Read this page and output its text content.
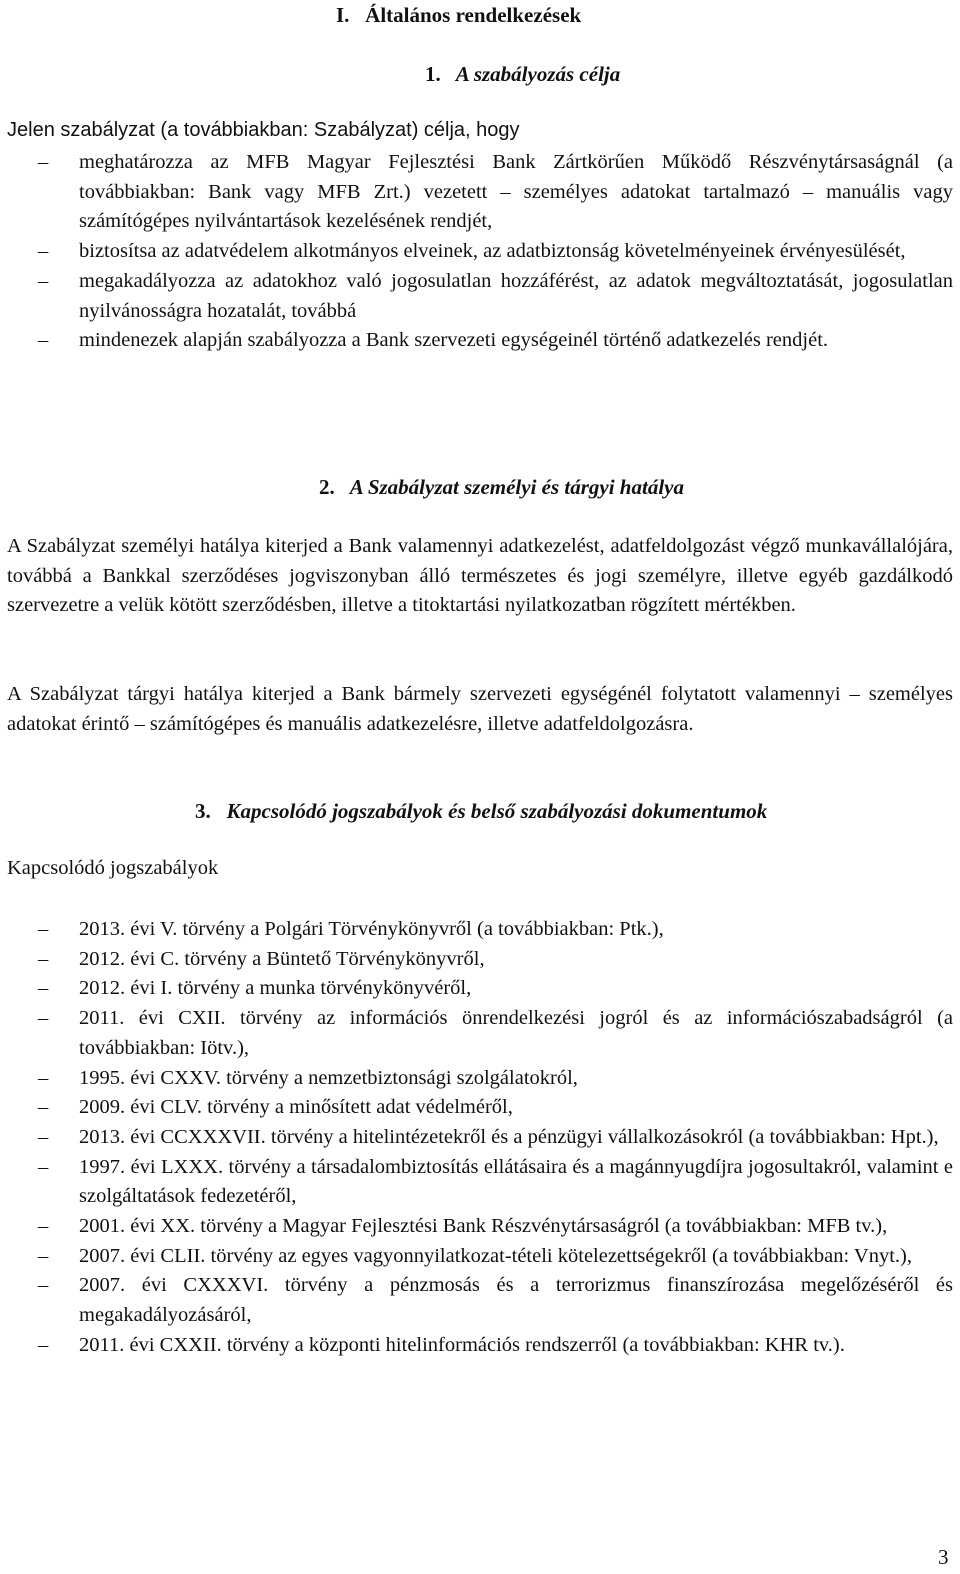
I.   Általános rendelkezések
1. A szabályozás célja
Jelen szabályzat (a továbbiakban: Szabályzat) célja, hogy
– meghatározza az MFB Magyar Fejlesztési Bank Zártkörűen Működő Részvénytársaságnál (a továbbiakban: Bank vagy MFB Zrt.) vezetett – személyes adatokat tartalmazó – manuális vagy számítógépes nyilvántartások kezelésének rendjét,
– biztosítsa az adatvédelem alkotmányos elveinek, az adatbiztonság követelményeinek érvényesülését,
– megakadályozza az adatokhoz való jogosulatlan hozzáférést, az adatok megváltoztatását, jogosulatlan nyilvánosságra hozatalát, továbbá
– mindenezek alapján szabályozza a Bank szervezeti egységeinél történő adatkezelés rendjét.
2. A Szabályzat személyi és tárgyi hatálya

A Szabályzat személyi hatálya kiterjed a Bank valamennyi adatkezelést, adatfeldolgozást végző munkavállalójára, továbbá a Bankkal szerződéses jogviszonyban álló természetes és jogi személyre, illetve egyéb gazdálkodó szervezetre a velük kötött szerződésben, illetve a titoktartási nyilatkozatban rögzített mértékben.

A Szabályzat tárgyi hatálya kiterjed a Bank bármely szervezeti egységénél folytatott valamennyi – személyes adatokat érintő – számítógépes és manuális adatkezelésre, illetve adatfeldolgozásra.

3. Kapcsolódó jogszabályok és belső szabályozási dokumentumok
Kapcsolódó jogszabályok
– 2013. évi V. törvény a Polgári Törvénykönyvről (a továbbiakban: Ptk.),
– 2012. évi C. törvény a Büntető Törvénykönyvről,
– 2012. évi I. törvény a munka törvénykönyvéről,
– 2011. évi CXII. törvény az információs önrendelkezési jogról és az információszabadságról (a továbbiakban: Iötv.),
– 1995. évi CXXV. törvény a nemzetbiztonsági szolgálatokról,
– 2009. évi CLV. törvény a minősített adat védelméről,
– 2013. évi CCXXXVII. törvény a hitelintézetekről és a pénzügyi vállalkozásokról (a továbbiakban: Hpt.),
– 1997. évi LXXX. törvény a társadalombiztosítás ellátásaira és a magánnyugdíjra jogosultakról, valamint e szolgáltatások fedezetéről,
– 2001. évi XX. törvény a Magyar Fejlesztési Bank Részvénytársaságról (a továbbiakban: MFB tv.),
– 2007. évi CLII. törvény az egyes vagyonnyilatkozat-tételi kötelezettségekről (a továbbiakban: Vnyt.),
– 2007. évi CXXXVI. törvény a pénzmosás és a terrorizmus finanszírozása megelőzéséről és megakadályozásáról,
– 2011. évi CXXII. törvény a központi hitelinformációs rendszerről (a továbbiakban: KHR tv.).
3
